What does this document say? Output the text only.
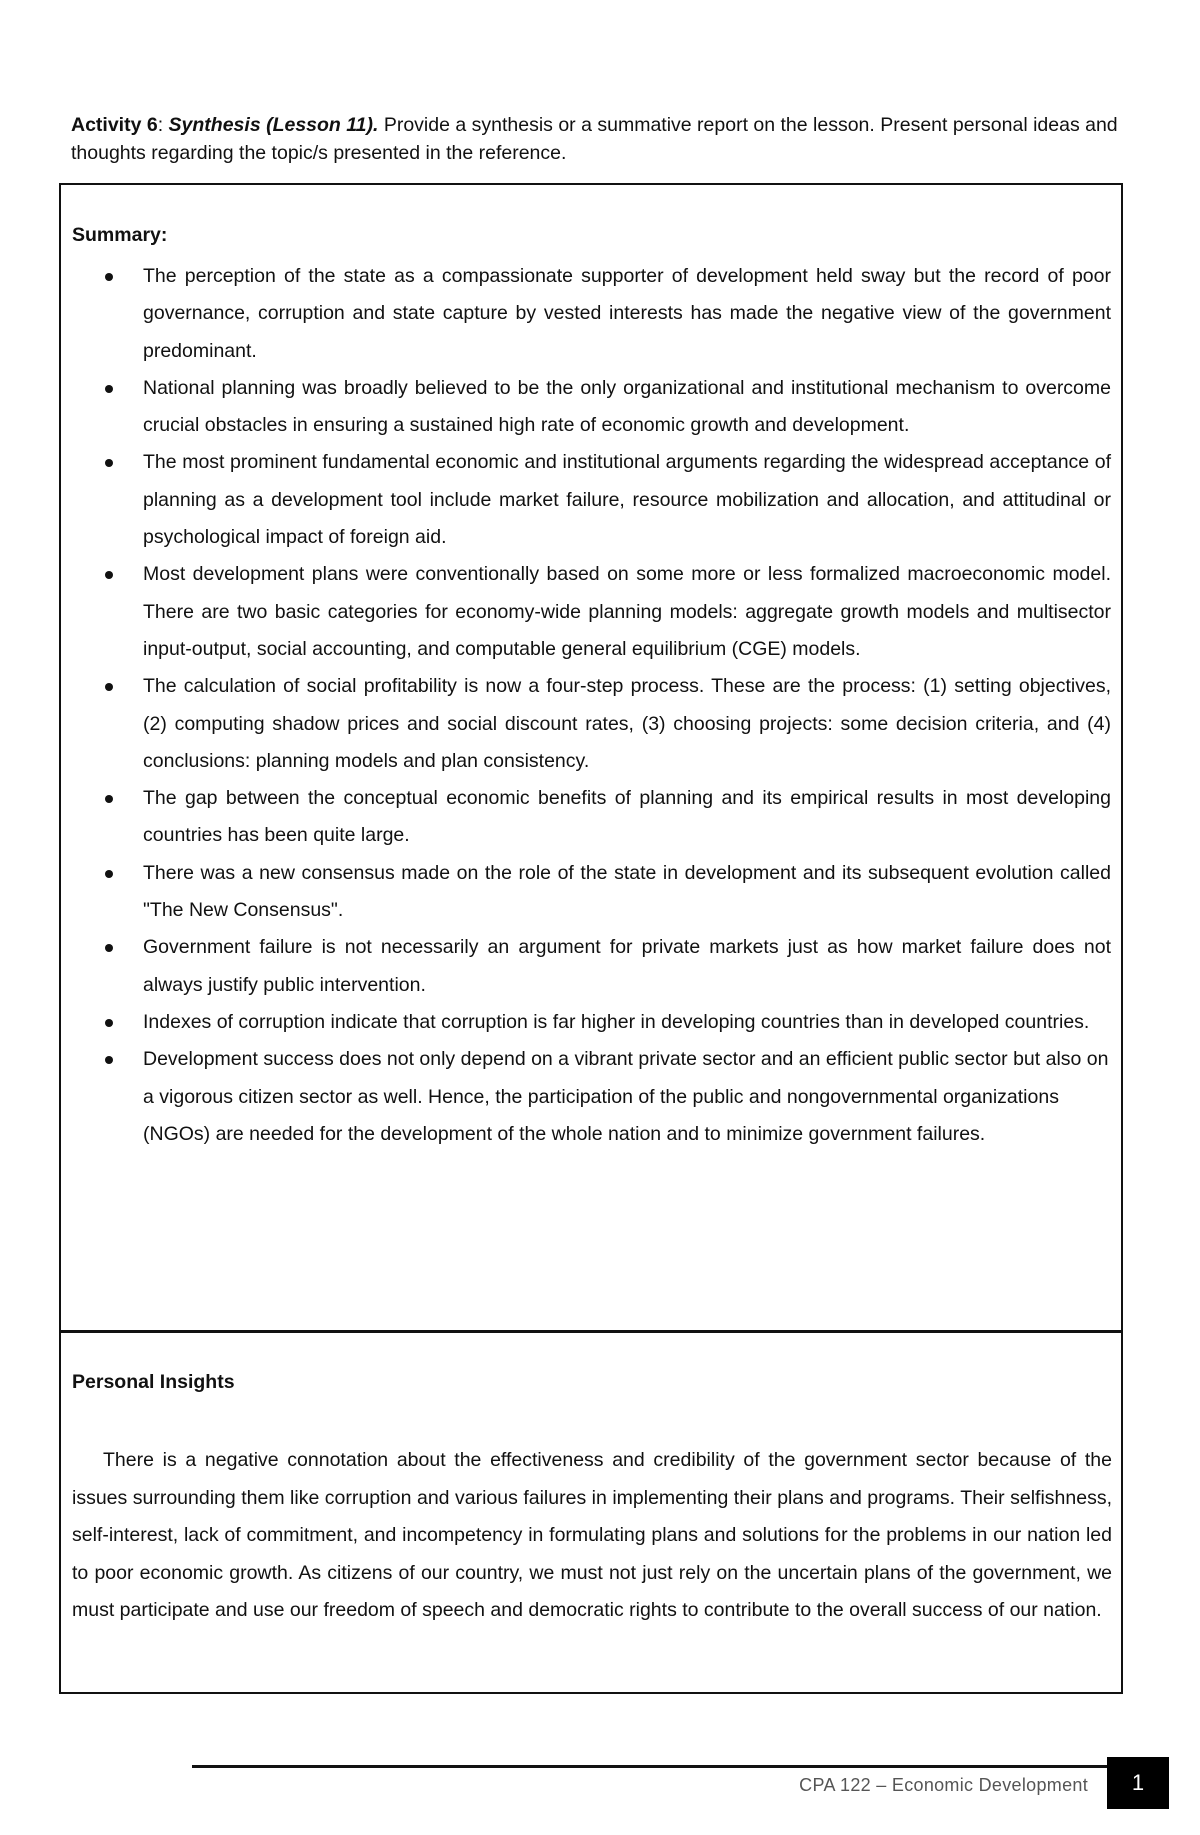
Activity 6: Synthesis (Lesson 11). Provide a synthesis or a summative report on the lesson. Present personal ideas and thoughts regarding the topic/s presented in the reference.
Summary:
The perception of the state as a compassionate supporter of development held sway but the record of poor governance, corruption and state capture by vested interests has made the negative view of the government predominant.
National planning was broadly believed to be the only organizational and institutional mechanism to overcome crucial obstacles in ensuring a sustained high rate of economic growth and development.
The most prominent fundamental economic and institutional arguments regarding the widespread acceptance of planning as a development tool include market failure, resource mobilization and allocation, and attitudinal or psychological impact of foreign aid.
Most development plans were conventionally based on some more or less formalized macroeconomic model. There are two basic categories for economy-wide planning models: aggregate growth models and multisector input-output, social accounting, and computable general equilibrium (CGE) models.
The calculation of social profitability is now a four-step process. These are the process: (1) setting objectives, (2) computing shadow prices and social discount rates, (3) choosing projects: some decision criteria, and (4) conclusions: planning models and plan consistency.
The gap between the conceptual economic benefits of planning and its empirical results in most developing countries has been quite large.
There was a new consensus made on the role of the state in development and its subsequent evolution called "The New Consensus".
Government failure is not necessarily an argument for private markets just as how market failure does not always justify public intervention.
Indexes of corruption indicate that corruption is far higher in developing countries than in developed countries.
Development success does not only depend on a vibrant private sector and an efficient public sector but also on a vigorous citizen sector as well. Hence, the participation of the public and nongovernmental organizations (NGOs) are needed for the development of the whole nation and to minimize government failures.
Personal Insights
There is a negative connotation about the effectiveness and credibility of the government sector because of the issues surrounding them like corruption and various failures in implementing their plans and programs. Their selfishness, self-interest, lack of commitment, and incompetency in formulating plans and solutions for the problems in our nation led to poor economic growth. As citizens of our country, we must not just rely on the uncertain plans of the government, we must participate and use our freedom of speech and democratic rights to contribute to the overall success of our nation.
CPA 122 – Economic Development	1
